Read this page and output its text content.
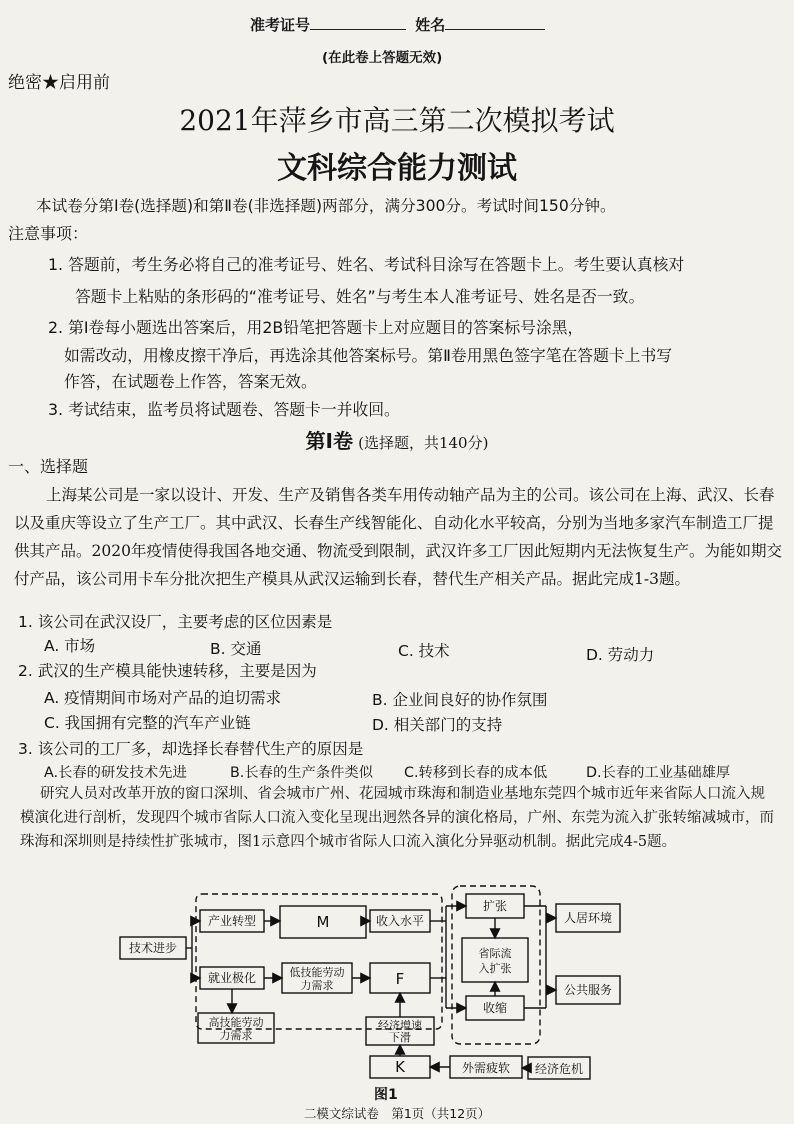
准考证号	姓名
(在此卷上答题无效)
绝密★启用前
2021年萍乡市高三第二次模拟考试
文科综合能力测试
本试卷分第Ⅰ卷(选择题)和第Ⅱ卷(非选择题)两部分，满分300分。考试时间150分钟。
注意事项：
1. 答题前，考生务必将自己的准考证号、姓名、考试科目涂写在答题卡上。考生要认真核对
答题卡上粘贴的条形码的“准考证号、姓名”与考生本人准考证号、姓名是否一致。
2. 第Ⅰ卷每小题选出答案后，用2B铅笔把答题卡上对应题目的答案标号涂黑，
如需改动，用橡皮擦干净后，再选涂其他答案标号。第Ⅱ卷用黑色签字笔在答题卡上书写
作答，在试题卷上作答，答案无效。
3. 考试结束，监考员将试题卷、答题卡一并收回。
第Ⅰ卷 (选择题，共140分)
一、选择题
上海某公司是一家以设计、开发、生产及销售各类车用传动轴产品为主的公司。该公司在上海、武汉、长春以及重庆等设立了生产工厂。其中武汉、长春生产线智能化、自动化水平较高，分别为当地多家汽车制造工厂提供其产品。2020年疫情使得我国各地交通、物流受到限制，武汉许多工厂因此短期内无法恢复生产。为能如期交付产品，该公司用卡车分批次把生产模具从武汉运输到长春，替代生产相关产品。据此完成1-3题。
1. 该公司在武汉设厂，主要考虑的区位因素是
A. 市场	B. 交通	C. 技术	D. 劳动力
2. 武汉的生产模具能快速转移，主要是因为
A. 疫情期间市场对产品的迫切需求	B. 企业间良好的协作氛围
C. 我国拥有完整的汽车产业链	D. 相关部门的支持
3. 该公司的工厂多，却选择长春替代生产的原因是
A.长春的研发技术先进	B.长春的生产条件类似 C.转移到长春的成本低	D.长春的工业基础雄厚
研究人员对改革开放的窗口深圳、省会城市广州、花园城市珠海和制造业基地东莞四个城市近年来省际人口流入规模演化进行剖析，发现四个城市省际人口流入变化呈现出迥然各异的演化格局，广州、东莞为流入扩张转缩减城市，而珠海和深圳则是持续性扩张城市，图1示意四个城市省际人口流入演化分异驱动机制。据此完成4-5题。
技术进步
产业转型	M	收入水平
就业极化	低技能劳动
力需求	F
高技能劳动
力需求
经济增速
下滑
K	外需疲软 经济危机
扩张
省际流
入扩张
收缩
人居环境
公共服务
图1
二模文综试卷　第1页（共12页）
